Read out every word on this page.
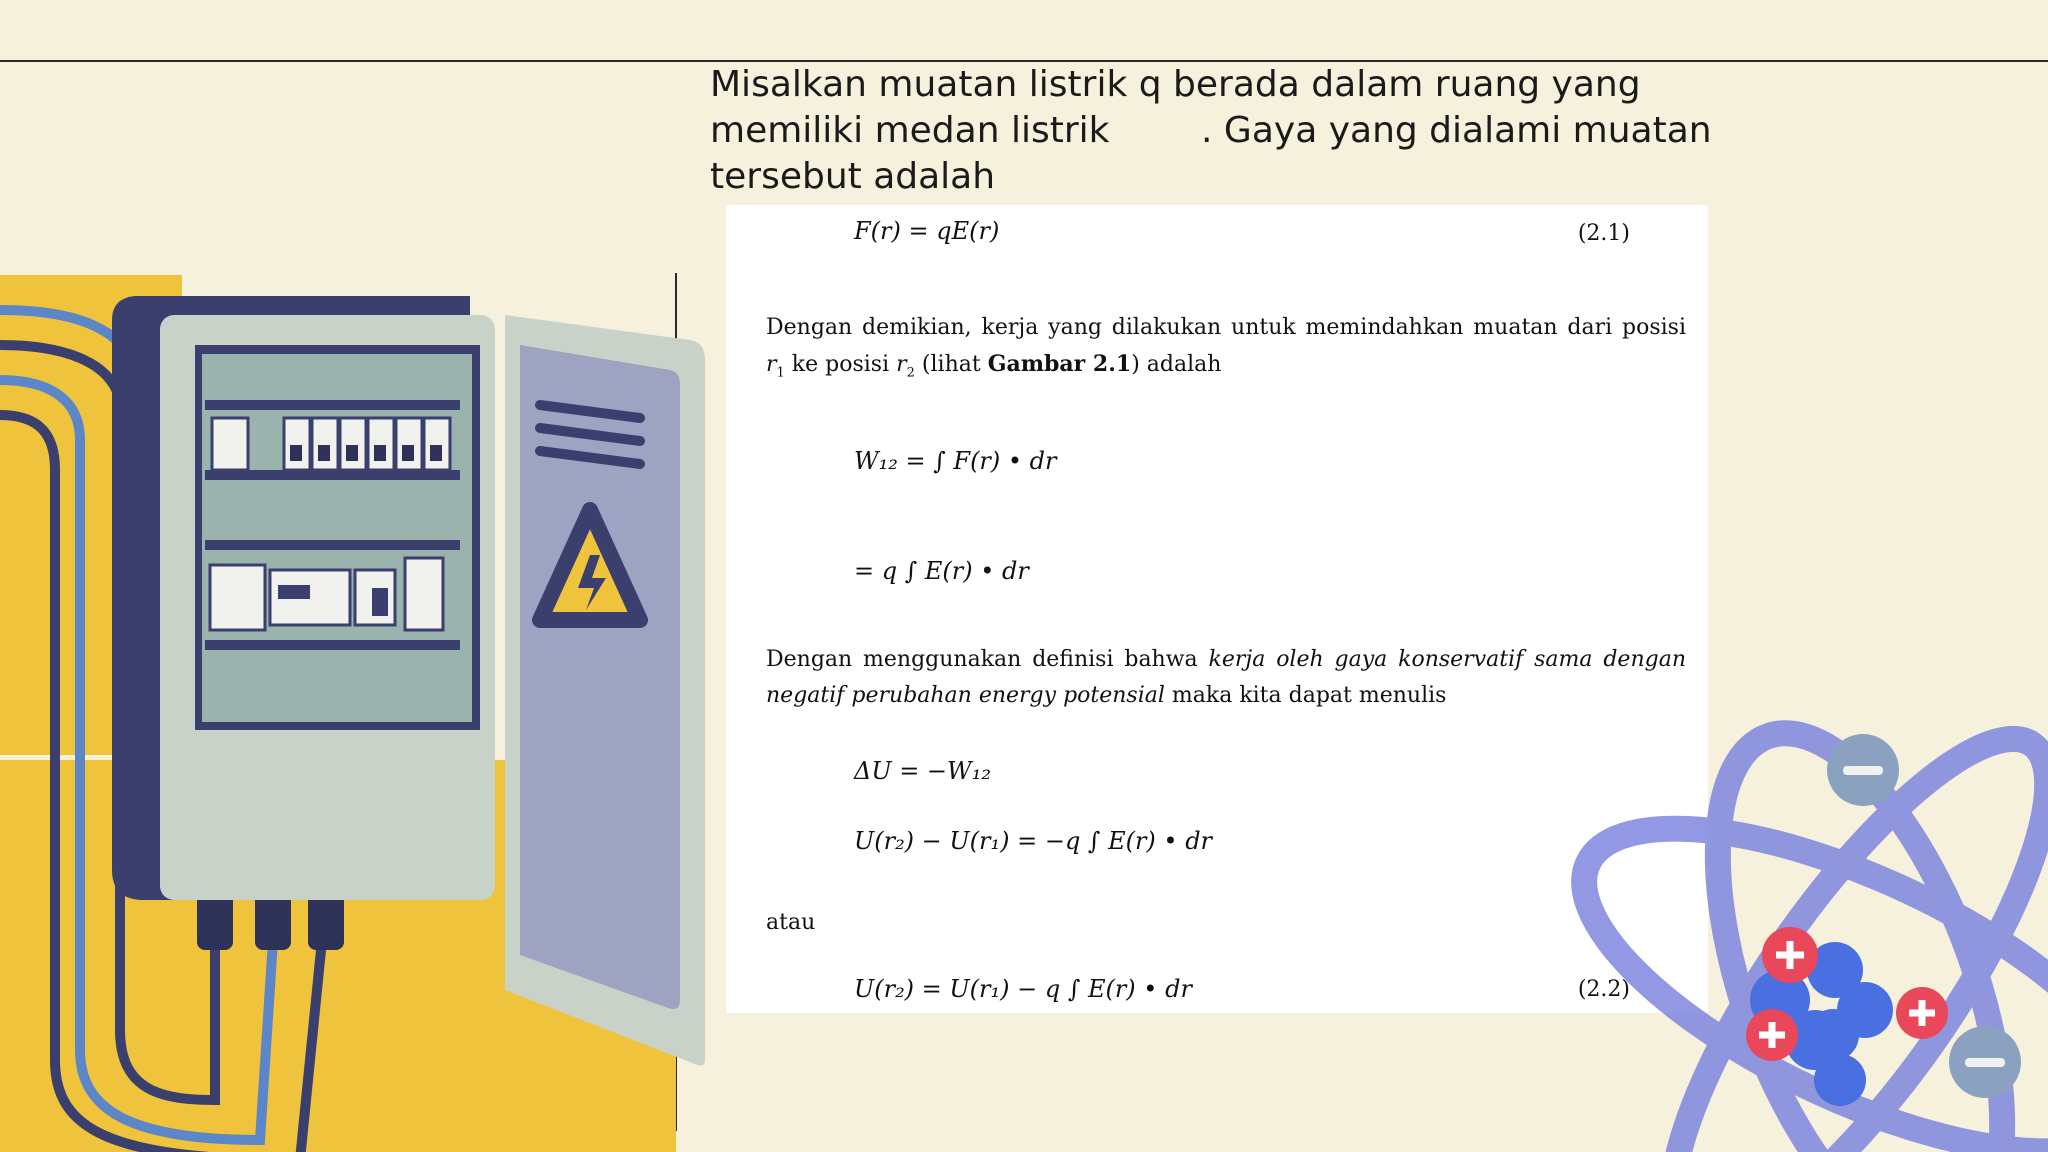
Misalkan muatan listrik q berada dalam ruang yang
memiliki medan listrik        . Gaya yang dialami muatan
tersebut adalah
F(r) = qE(r)	(2.1)
Dengan demikian, kerja yang dilakukan untuk memindahkan muatan dari posisi $r_1$ ke posisi $r_2$ (lihat Gambar 2.1) adalah
W₁₂ = ∫ F(r) • dr
= q ∫ E(r) • dr
Dengan menggunakan definisi bahwa kerja oleh gaya konservatif sama dengan negatif perubahan energy potensial maka kita dapat menulis
ΔU = −W₁₂
U(r₂) − U(r₁) = −q ∫ E(r) • dr
atau
U(r₂) = U(r₁) − q ∫ E(r) • dr	(2.2)
